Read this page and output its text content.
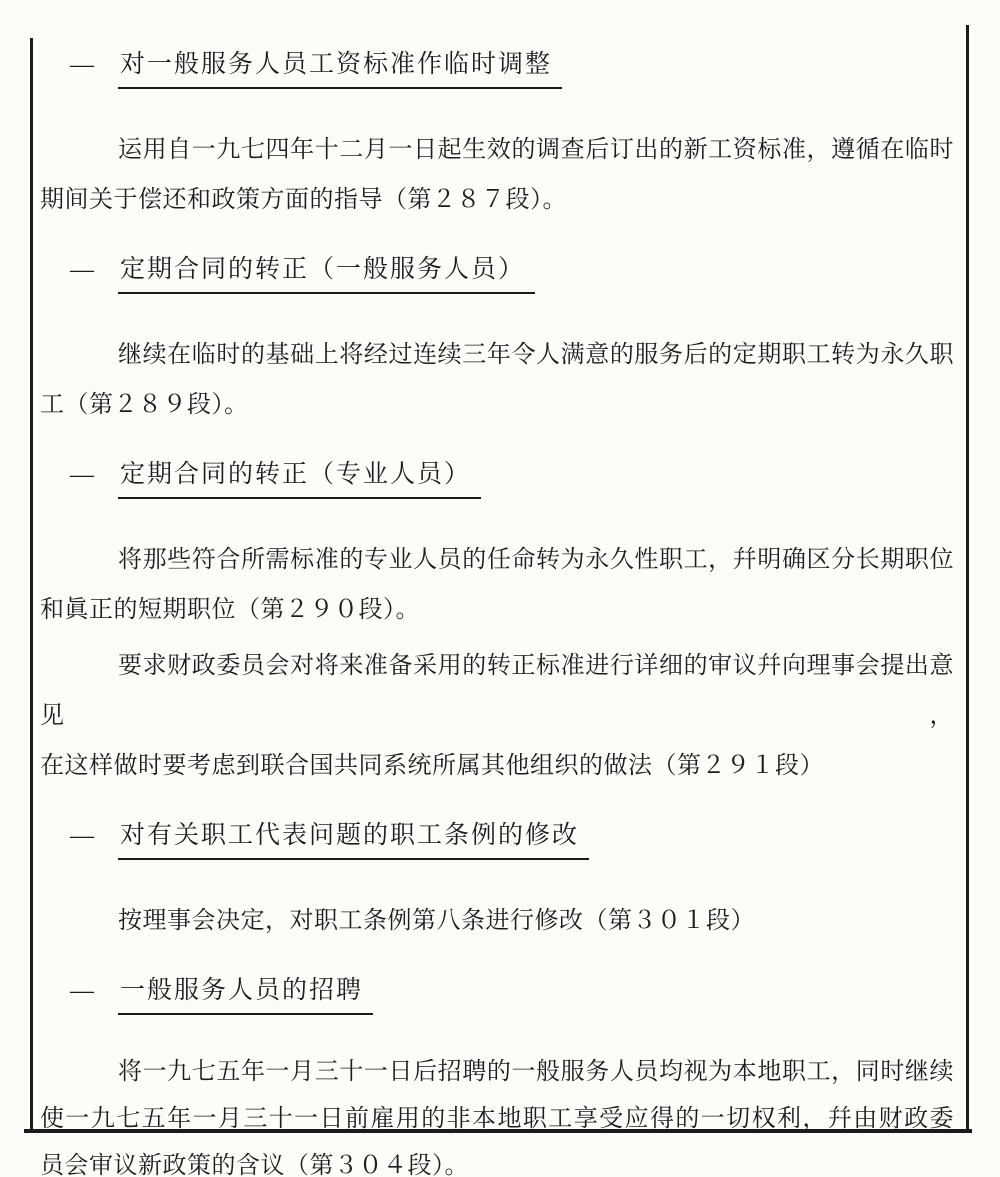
—	对一般服务人员工资标准作临时调整

运用自一九七四年十二月一日起生效的调查后订出的新工资标准，遵循在临时
期间关于偿还和政策方面的指导（第２８７段）。

—	定期合同的转正（一般服务人员）

继续在临时的基础上将经过连续三年令人满意的服务后的定期职工转为永久职
工（第２８９段）。

—	定期合同的转正（专业人员）

将那些符合所需标准的专业人员的任命转为永久性职工，幷明确区分长期职位
和眞正的短期职位（第２９０段）。

要求财政委员会对将来准备采用的转正标准进行详细的审议幷向理事会提出意见，
在这样做时要考虑到联合国共同系统所属其他组织的做法（第２９１段）

—	对有关职工代表问题的职工条例的修改

按理事会决定，对职工条例第八条进行修改（第３０１段）

—	一般服务人员的招聘

将一九七五年一月三十一日后招聘的一般服务人员均视为本地职工，同时继续
使一九七五年一月三十一日前雇用的非本地职工享受应得的一切权利，幷由财政委
员会审议新政策的含议（第３０４段）。
